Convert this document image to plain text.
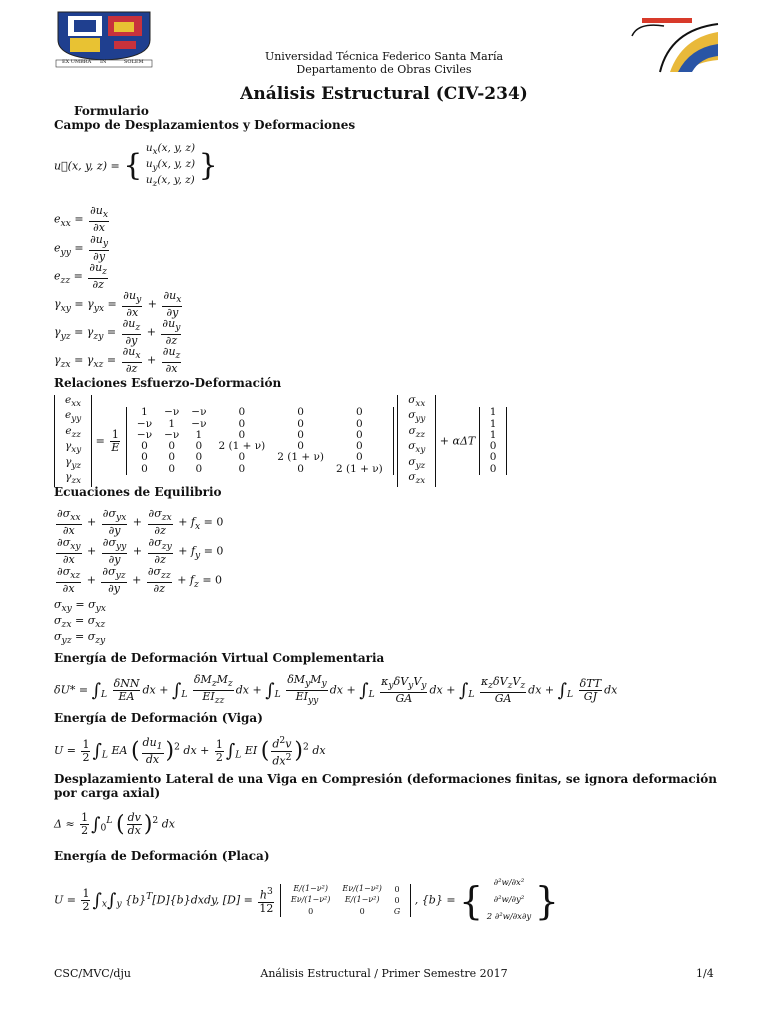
EX UMBRA IN	SOLEM	Universidad Técnica Federico Santa María
Departamento de Obras Civiles
Análisis Estructural (CIV-234)
Formulario
Campo de Desplazamientos y Deformaciones
u⃗(x, y, z) = { $u_x(x$, y, z)
$u_y(x$, y, z)
$u_z(x$, y, z) }
$e_{xx} = \frac{\partial u_x}{\partial x}$
$e_{yy} = \frac{\partial u_y}{\partial y}$
$e_{zz} = \frac{\partial u_z}{\partial z}$
$\gamma_{xy} = \gamma_{yx} = \frac{\partial u_y}{\partial x} + \frac{\partial u_x}{\partial y}$
$\gamma_{yz} = \gamma_{zy} = \frac{\partial u_z}{\partial y} + \frac{\partial u_y}{\partial z}$
$\gamma_{zx} = \gamma_{xz} = \frac{\partial u_x}{\partial z} + \frac{\partial u_z}{\partial x}$
Relaciones Esfuerzo-Deformación
$e_{xx}$
$e_{yy}$
$e_{zz}$
$\gamma_{xy}$
$\gamma_{yz}$
$\gamma_{zx}$
= $\frac{1}{E}$

1	−ν	−ν	0	0	0
−ν	1	−ν	0	0	0
−ν	−ν	1	0	0	0
0	0	0	2 (1 + ν)	0	0
0	0	0	0	2 (1 + ν)	0
0	0	0	0	0	2 (1 + ν)

$\sigma_{xx}$
$\sigma_{yy}$
$\sigma_{zz}$
$\sigma_{xy}$
$\sigma_{yz}$
$\sigma_{zx}$
+ αΔT
1
1
1
0
0
0
Ecuaciones de Equilibrio
$\frac{\partial\sigma_{xx}}{\partial x} + \frac{\partial\sigma_{yx}}{\partial y} + \frac{\partial\sigma_{zx}}{\partial z} + f_x = 0$
$\frac{\partial\sigma_{xy}}{\partial x} + \frac{\partial\sigma_{yy}}{\partial y} + \frac{\partial\sigma_{zy}}{\partial z} + f_y = 0$
$\frac{\partial\sigma_{xz}}{\partial x} + \frac{\partial\sigma_{yz}}{\partial y} + \frac{\partial\sigma_{zz}}{\partial z} + f_z = 0$
$\sigma_{xy} = \sigma_{yx}$
$\sigma_{zx} = \sigma_{xz}$
$\sigma_{yz} = \sigma_{zy}$
Energía de Deformación Virtual Complementaria
$\delta U* = \int_L \frac{\text{δNN}}{EA}$ dx + $\int_L \frac{\delta M_zM_z}{EI_{zz}}$ dx + $\int_L \frac{\delta M_yM_y}{EI_{yy}}$ dx + $\int_L \frac{\kappa_y\delta V_yV_y}{GA}$ dx + $\int_L \frac{\kappa_z\delta V_zV_z}{GA}$ dx + $\int_L \frac{\text{δTT}}{GJ}$ dx
Energía de Deformación (Viga)
$U = \frac{1}{2} \int_L$ EA ( $\frac{du_1}{dx} )^2$ dx + $\frac{1}{2} \int_L$ EI ( $\frac{d^2v}{dx^2} )^2$ dx
Desplazamiento Lateral de una Viga en Compresión (deformaciones finitas, se ignora deformación por carga axial)
$\Delta \approx \frac{1}{2} \int_0^L$ ( $\frac{dv}{dx} )^2$ dx
Energía de Deformación (Placa)
$U = \frac{1}{2} \int_x\int_y$ $\{b\}^T[D]\{b\}dxdy$, $[D] = \frac{h^3}{12}$
E/(1−ν²)	Eν/(1−ν²)	0
Eν/(1−ν²)	E/(1−ν²)	0
0	0	G
, {b} = { ∂²w/∂x²
∂²w/∂y²
2 ∂²w/∂x∂y }
CSC/MVC/dju	Análisis Estructural / Primer Semestre 2017	1/4
